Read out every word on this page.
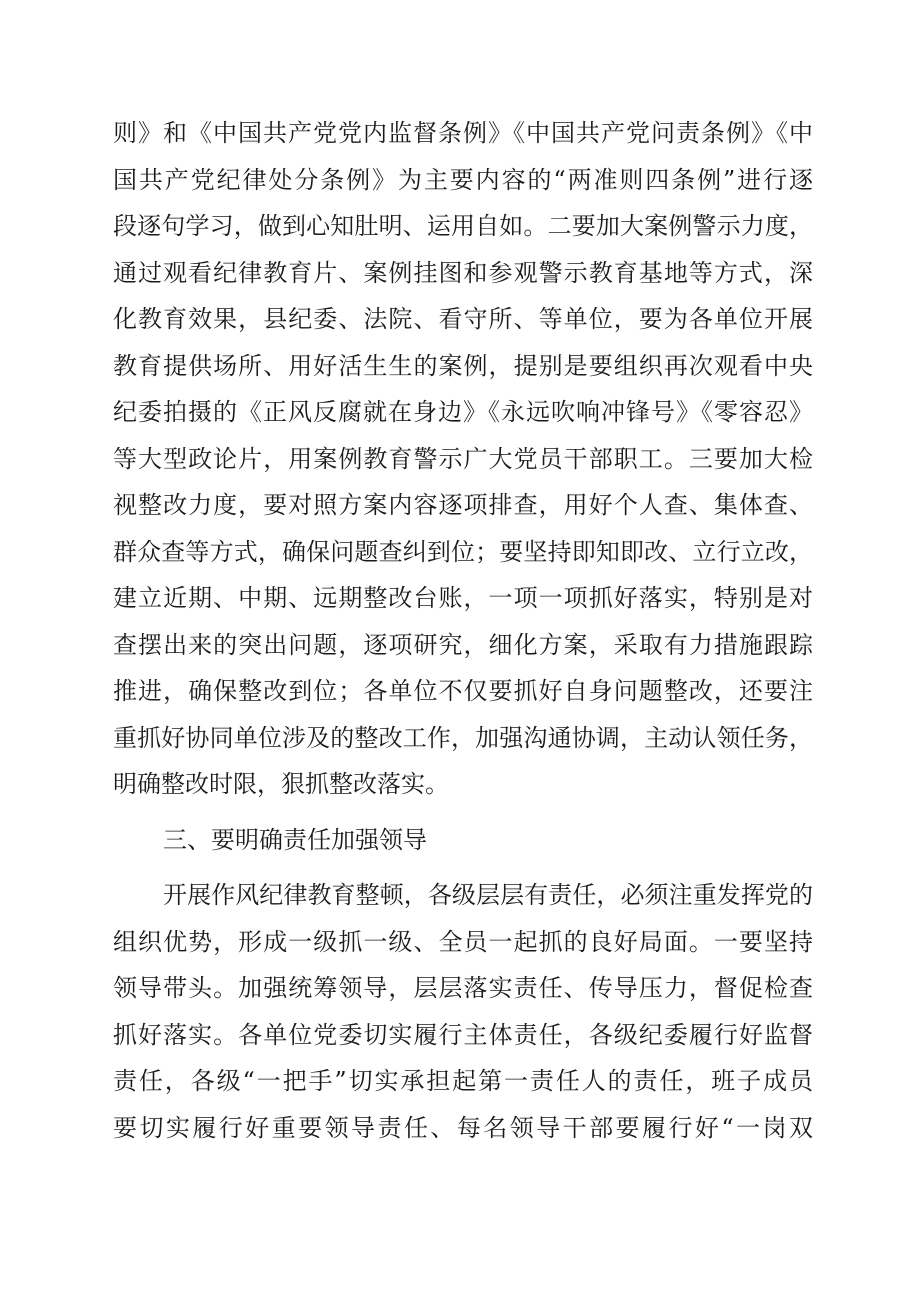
则》和《中国共产党党内监督条例》《中国共产党问责条例》《中
国共产党纪律处分条例》为主要内容的“两准则四条例”进行逐
段逐句学习，做到心知肚明、运用自如。二要加大案例警示力度，
通过观看纪律教育片、案例挂图和参观警示教育基地等方式，深
化教育效果，县纪委、法院、看守所、等单位，要为各单位开展
教育提供场所、用好活生生的案例，提别是要组织再次观看中央
纪委拍摄的《正风反腐就在身边》《永远吹响冲锋号》《零容忍》
等大型政论片，用案例教育警示广大党员干部职工。三要加大检
视整改力度，要对照方案内容逐项排查，用好个人查、集体查、
群众查等方式，确保问题查纠到位；要坚持即知即改、立行立改，
建立近期、中期、远期整改台账，一项一项抓好落实，特别是对
查摆出来的突出问题，逐项研究，细化方案，采取有力措施跟踪
推进，确保整改到位；各单位不仅要抓好自身问题整改，还要注
重抓好协同单位涉及的整改工作，加强沟通协调，主动认领任务，
明确整改时限，狠抓整改落实。
三、要明确责任加强领导
开展作风纪律教育整顿，各级层层有责任，必须注重发挥党的
组织优势，形成一级抓一级、全员一起抓的良好局面。一要坚持
领导带头。加强统筹领导，层层落实责任、传导压力，督促检查
抓好落实。各单位党委切实履行主体责任，各级纪委履行好监督
责任，各级“一把手”切实承担起第一责任人的责任，班子成员
要切实履行好重要领导责任、每名领导干部要履行好“一岗双
